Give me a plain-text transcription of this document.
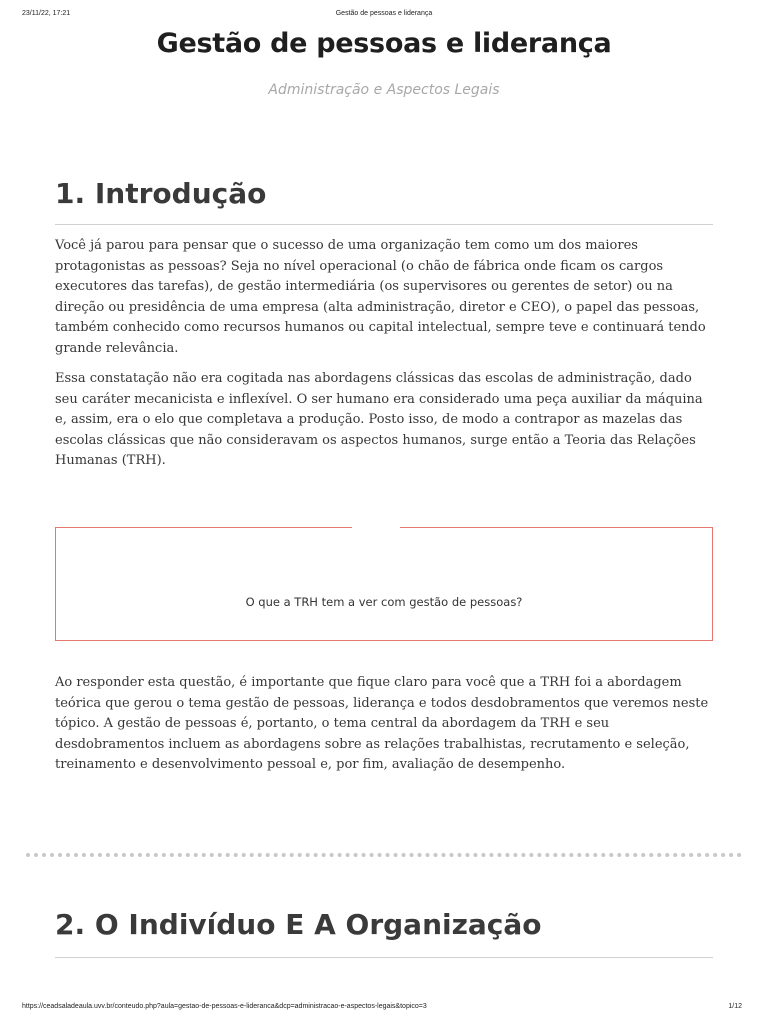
23/11/22, 17:21	Gestão de pessoas e liderança
Gestão de pessoas e liderança
Administração e Aspectos Legais
1. Introdução

Você já parou para pensar que o sucesso de uma organização tem como um dos maiores protagonistas as pessoas? Seja no nível operacional (o chão de fábrica onde ficam os cargos executores das tarefas), de gestão intermediária (os supervisores ou gerentes de setor) ou na direção ou presidência de uma empresa (alta administração, diretor e CEO), o papel das pessoas, também conhecido como recursos humanos ou capital intelectual, sempre teve e continuará tendo grande relevância.

Essa constatação não era cogitada nas abordagens clássicas das escolas de administração, dado seu caráter mecanicista e inflexível. O ser humano era considerado uma peça auxiliar da máquina e, assim, era o elo que completava a produção. Posto isso, de modo a contrapor as mazelas das escolas clássicas que não consideravam os aspectos humanos, surge então a Teoria das Relações Humanas (TRH).

O que a TRH tem a ver com gestão de pessoas?

Ao responder esta questão, é importante que fique claro para você que a TRH foi a abordagem teórica que gerou o tema gestão de pessoas, liderança e todos desdobramentos que veremos neste tópico. A gestão de pessoas é, portanto, o tema central da abordagem da TRH e seu desdobramentos incluem as abordagens sobre as relações trabalhistas, recrutamento e seleção, treinamento e desenvolvimento pessoal e, por fim, avaliação de desempenho.

2. O Indivíduo E A Organização
https://ceadsaladeaula.uvv.br/conteudo.php?aula=gestao-de-pessoas-e-lideranca&dcp=administracao-e-aspectos-legais&topico=3	1/12
